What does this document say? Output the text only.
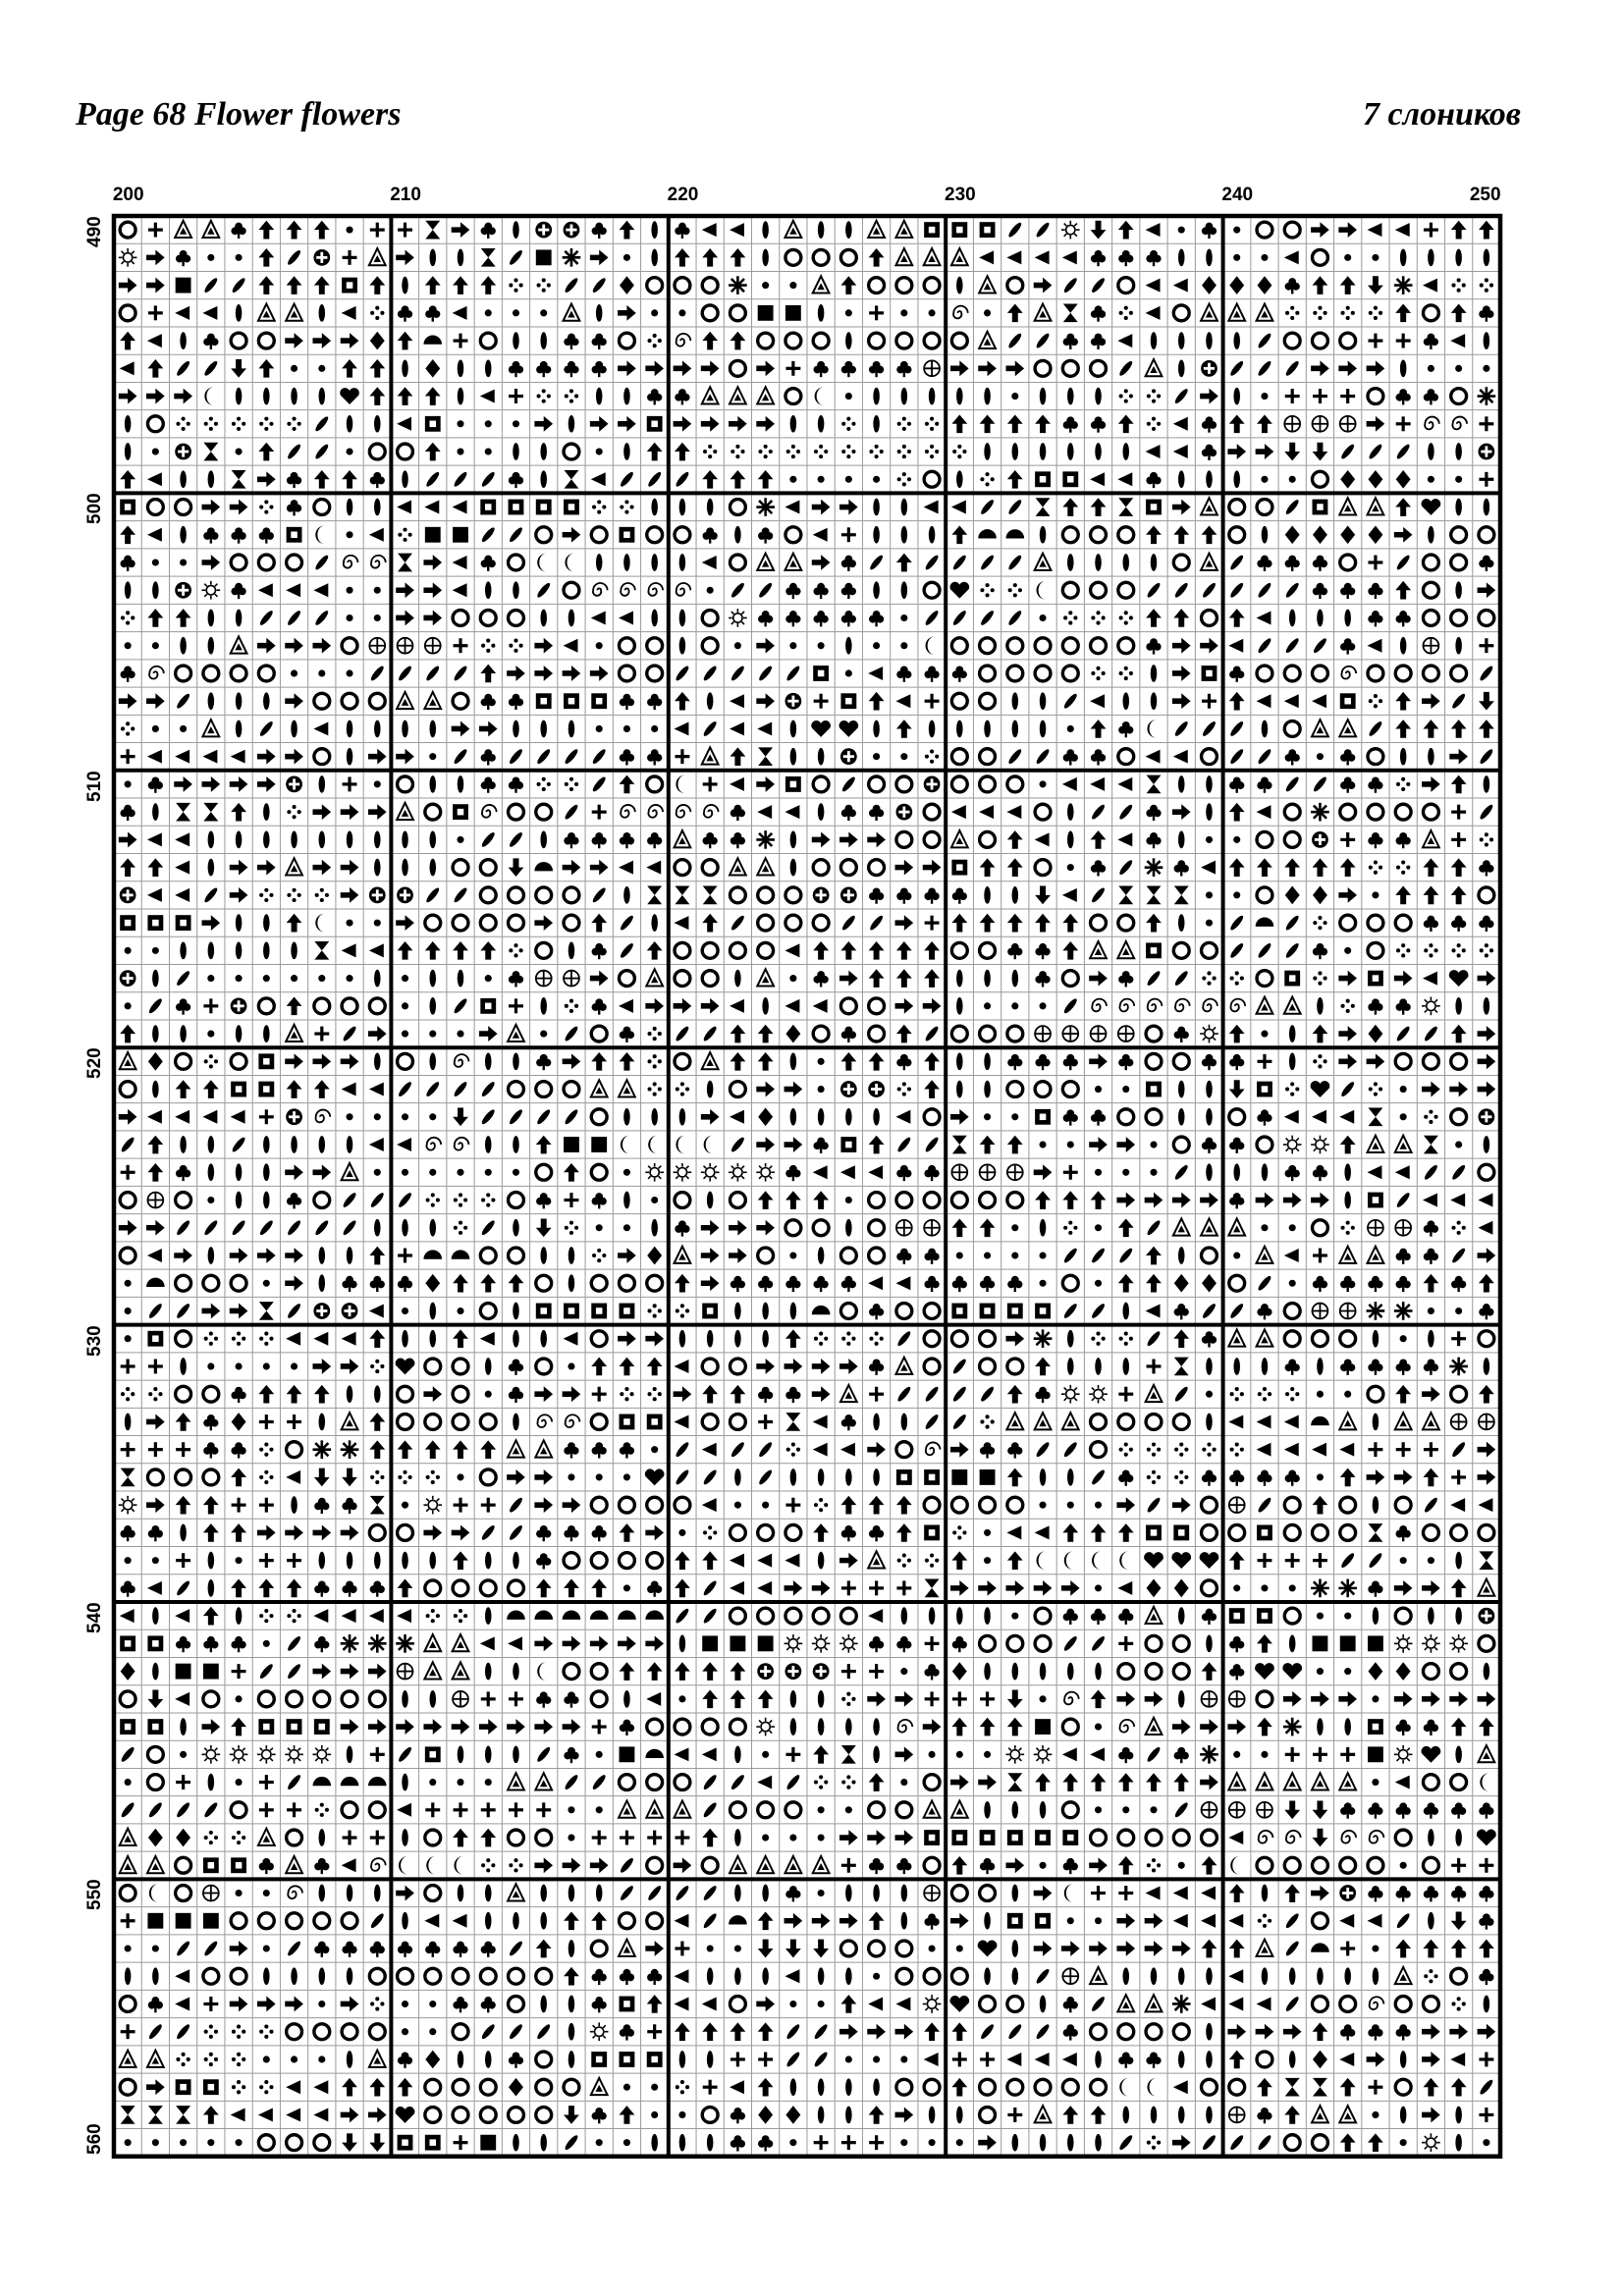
Page 68 Flower flowers	7 слоников
200	210	220	230	240	250
490
500
510
520
530
540
550
560
